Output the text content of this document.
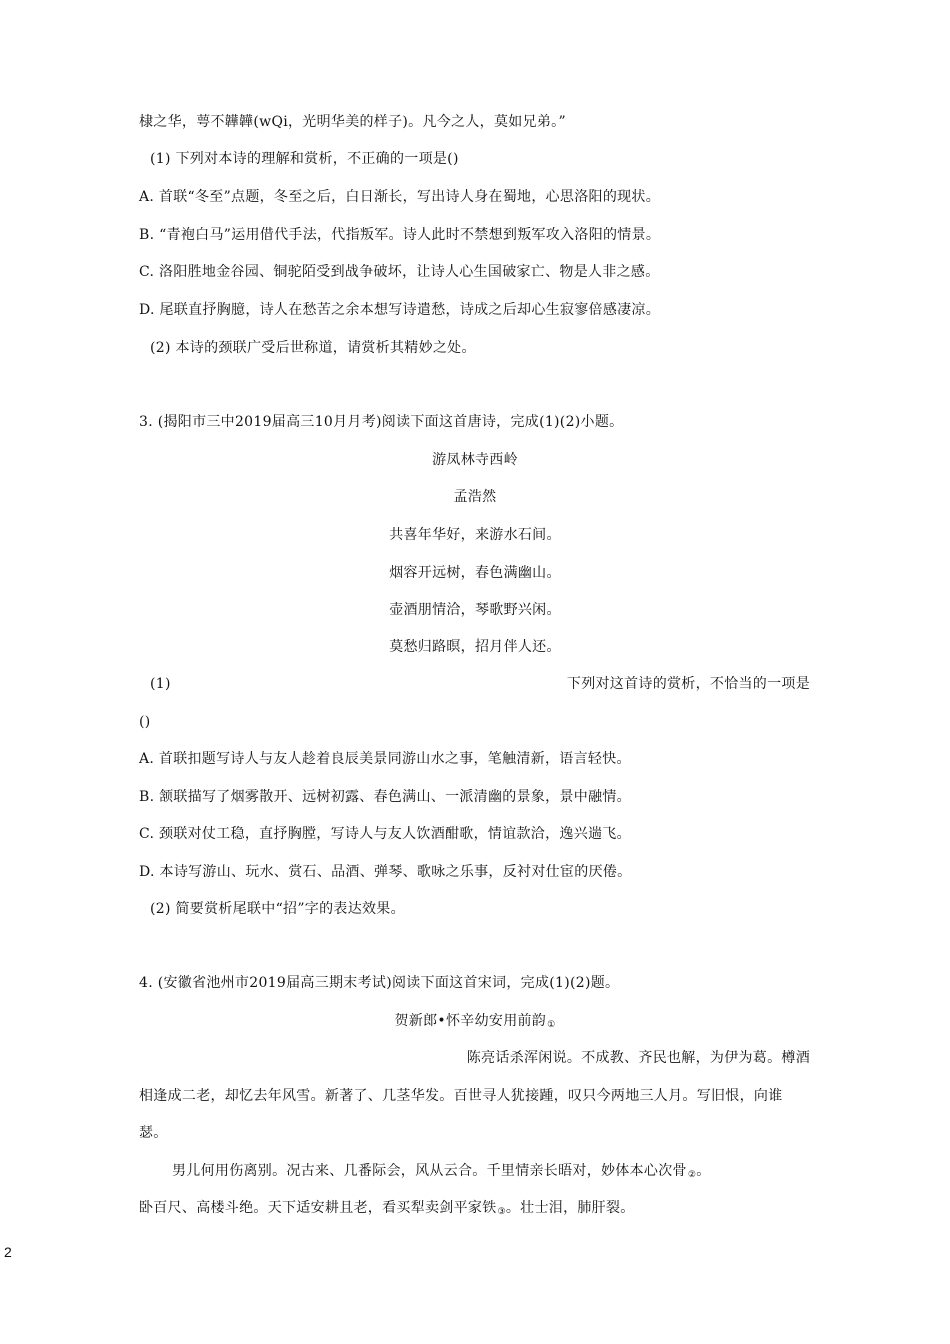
棣之华，萼不韡韡(wQi，光明华美的样子)。凡今之人，莫如兄弟。”
(1) 下列对本诗的理解和赏析，不正确的一项是()
A. 首联“冬至”点题，冬至之后，白日渐长，写出诗人身在蜀地，心思洛阳的现状。
B. “青袍白马”运用借代手法，代指叛军。诗人此时不禁想到叛军攻入洛阳的情景。
C. 洛阳胜地金谷园、铜驼陌受到战争破坏，让诗人心生国破家亡、物是人非之感。
D. 尾联直抒胸臆，诗人在愁苦之余本想写诗遣愁，诗成之后却心生寂寥倍感凄凉。
(2) 本诗的颈联广受后世称道，请赏析其精妙之处。
3. (揭阳市三中2019届高三10月月考)阅读下面这首唐诗，完成(1)(2)小题。
游凤林寺西岭
孟浩然
共喜年华好，来游水石间。
烟容开远树，春色满幽山。
壶酒朋情洽，琴歌野兴闲。
莫愁归路暝，招月伴人还。
(1)	下列对这首诗的赏析，不恰当的一项是
()
A. 首联扣题写诗人与友人趁着良辰美景同游山水之事，笔触清新，语言轻快。
B. 颔联描写了烟雾散开、远树初露、春色满山、一派清幽的景象，景中融情。
C. 颈联对仗工稳，直抒胸膛，写诗人与友人饮酒酣歌，情谊款洽，逸兴遄飞。
D. 本诗写游山、玩水、赏石、品酒、弹琴、歌咏之乐事，反衬对仕宦的厌倦。
(2) 简要赏析尾联中“招”字的表达效果。
4. (安徽省池州市2019届高三期末考试)阅读下面这首宋词，完成(1)(2)题。
贺新郎•怀辛幼安用前韵$_①$
陈亮话杀浑闲说。不成教、齐民也解，为伊为葛。樽酒
相逢成二老，却忆去年风雪。新著了、几茎华发。百世寻人犹接踵，叹只今两地三人月。写旧恨，向谁
瑟。
男儿何用伤离别。况古来、几番际会，风从云合。千里情亲长晤对，妙体本心次骨$_②$。
卧百尺、高楼斗绝。天下适安耕且老，看买犁卖剑平家铁$_③$。壮士泪，肺肝裂。
2
